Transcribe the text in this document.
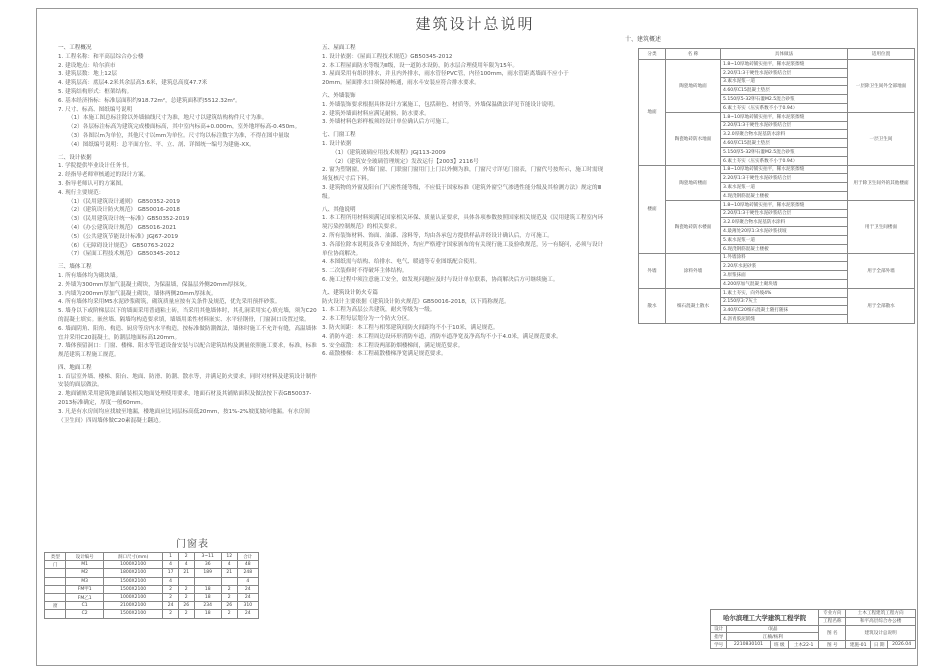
建筑设计总说明
一、工程概况
1. 工程名称：和平高层综合办公楼
2. 建设地点：哈尔滨市
3. 建筑层数：地上12层
4. 建筑层高：底层4.2米其余层高3.6米，建筑总高度47.7米
5. 建筑结构形式：框架结构。
6. 基本经济指标：标准层面积约918.72m²，总建筑面积约5512.32m²。
7. 尺寸、标高、图纸编号说明
（1）本施工图总标注除以外墙轴线尺寸为准，地尺寸以建筑结构构件尺寸为准。
（2）各层标注标高为建筑完成楼面标高，其中室内标高+0.000m，室外地坪标高-0.450m。
（3）各图以m为单位，其他尺寸以mm为单位。尺寸均以标注数字为准，不得在图中量取
（4）图纸编号说明：总平面方位、平、立、剖、详图统一编号为建施-XX。
二、设计依据
1. 学院提供毕业设计任务书。
2. 经指导老师审核通过的设计方案。
3. 指导老师认可的方案图。
4. 现行主要规范：
（1）《民用建筑设计通则》 GB50352-2019
（2）《建筑设计防火规范》 GB50016-2018
（3）《民用建筑设计统一标准》GB50352-2019
（4）《办公建筑设计规范》 GB5016-2021
（5）《公共建筑节能设计标准》JGJ67-2019
（6）《无障碍设计规范》 GB50763-2022
（7）《屋面工程技术规范》 GB50345-2012
三、墙体工程
1. 所有墙体均为砌块墙。
2. 外墙为300mm厚加气混凝土砌块，为保温墙，保温层外侧20mm厚抹灰。
3. 内墙为200mm厚加气混凝土砌块，墙体两侧20mm厚抹灰。
4. 所有墙体均采用M5水泥砂浆砌筑，砌筑质量应按有关条件及规范，优先采用预拌砂浆。
5. 墙身以下或阶梯层以下的墙面采用普通粘土砖，当采用其他墙体时，其孔洞采用实心填充墙，须为C20的混凝土填实。嵌丝墙、隔墙均构造要求填，墙墙用柔性材料嵌实、水平轻钢骨，门窗洞口设置过梁。
6. 墙面阴角、阳角、构造、厨房等房内水平构造，按标准做防潮做法，墙体时施工不允许有缝，高温墙体宜并采用C20混凝土，防潮层地面标高120mm。
7. 墙体预留洞口：门窗、楼梯、阳水等管道设备安装与以配合建筑结构及测量依照施工要求，标准，标准规范建筑工程施工规范。
四、地面工程
1. 首层室外墙、楼梯、阳台、地面、防滑、防潮、散水等，并满足防火要求，同时对材料及建筑设计制作安装的面层做法。
2. 地面铺贴采用建筑地面铺装相关地面处理使用要求，地面石材及其铺贴面积及做法按下表GB50037-2013标准确定，厚度一般60mm。
3. 凡是有水房间均应找坡至地漏，楼地面应比同层标高低20mm，按1%-2%坡度坡向地漏。有水房间（卫生间）四周墙体做C20素混凝土翻边。
五、屋面工程
1. 设计依据：《屋面工程技术规范》GB50345-2012
2. 本工程屋面防水等级为Ⅱ级，设一道防水设防，防水层合理使用年限为15年。
3. 屋面采用有组织排水，并且内外排水，雨水管径PVC管，内径100mm，雨水管距离墙面不应小于
20mm。屋面排水口须保持畅通，雨水斗安装应符合排水要求。
六、外墙装饰
1. 外墙装饰要求根据具体设计方案施工，包括颜色、材质等，外墙保温做法详见节能设计说明。
2. 建筑外墙面材料应满足耐候、防水要求。
3. 外墙材料色彩样板须经设计单位确认后方可施工。
七、门窗工程
1. 设计依据
（1）《建筑玻璃应用技术规程》JGJ113-2009
（2）《建筑安全玻璃管理规定》发改运行【2003】2116号
2. 窗为塑钢窗，外墙门窗、门联窗门窗用门上门以外侧为准，门窗尺寸详见门窗表，门窗代号按所示，施工时需现场复核尺寸后下料。
3. 建筑物的外窗及阳台门气密性能等级，不应低于国家标准《建筑外窗空气渗透性能分级及其检测方法》规定的Ⅲ级。
八、其他说明
1. 本工程所用材料须满足国家相关环保、质量认证要求，具体各项参数按照国家相关规范及《民用建筑工程室内环境污染控制规范》的相关要求。
2. 所有装饰材料、饰面、油漆、涂料等，均由各承包方提供样品并经设计确认后，方可施工。
3. 各部位除本说明及各专业图纸外，均应严格遵守国家颁布的有关现行施工及验收规范，另一有疑问，必须与设计单位协商解决。
4. 本图纸需与结构、给排水、电气、暖通等专业图纸配合使用。
5. 二次装修时不得破坏主体结构。
6. 施工过程中须注意施工安全，如发现问题应及时与设计单位联系，协商解决后方可继续施工。
九、建筑设计防火专篇
防火设计主要依据《建筑设计防火规范》GB50016-2018，以下简称规范。
1. 本工程为高层公共建筑，耐火等级为一级。
2. 本工程每层划分为一个防火分区。
3. 防火间距：本工程与相邻建筑间防火间距均不小于10米，满足规范。
4. 消防车道：本工程周边设环形消防车道，消防车道净宽及净高均不小于4.0米，满足规范要求。
5. 安全疏散：本工程设两部防烟楼梯间，满足规范要求。
6. 疏散楼梯：本工程疏散楼梯净宽满足规范要求。
门窗表
类型	设计编号	洞口尺寸(mm)	1	2	3~11	12	合计
门	M1	1000X2100	4	4	36	4	48
	M2	1800X2100	17	21	189	21	248
	M3	1500X2100	4				4
	FM甲1	1500X2100	2	2	18	2	24
	FM乙1	1000X2100	2	2	18	2	24
窗	C1	2100X2100	24	26	234	26	310
	C2	1500X2100	2	2	18	2	24
十、建筑概述
分类	名 称	具体做法	适用位置
地面	陶瓷地砖地面	1.8~10厚地砖铺实拍平，稀水泥浆擦缝	一层除卫生间外全部地面
		2.20厚1:3干硬性水泥砂浆结合层	
		3.素水泥浆一道	
		4.60厚C15混凝土垫层	
		5.150厚5-32卵石灌M2.5混合砂浆	
		6.素土夯实（压实系数不小于0.94）	
	陶瓷地砖防水地面	1.8~10厚地砖铺实拍平，稀水泥浆擦缝	一层卫生间
		2.20厚1:3干硬性水泥砂浆结合层	
		3.2.0厚聚合物水泥基防水涂料	
		4.60厚C15混凝土垫层	
		5.150厚5-32卵石灌M2.5混合砂浆	
		6.素土夯实（压实系数不小于0.94）	
楼面	陶瓷地砖楼面	1.8~10厚地砖铺实拍平，稀水泥浆擦缝	用于除卫生间外的其他楼面
		2.20厚1:3干硬性水泥砂浆结合层	
		3.素水泥浆一道	
		4.现浇钢筋混凝土楼板	
	陶瓷地砖防水楼面	1.8~10厚地砖铺实拍平，稀水泥浆擦缝	用于卫生间楼面
		2.20厚1:3干硬性水泥砂浆结合层	
		3.2.0厚聚合物水泥基防水涂料	
		4.最薄处20厚1:3水泥砂浆找坡	
		5.素水泥浆一道	
		6.现浇钢筋混凝土楼板	
外墙	涂料外墙	1.外墙涂料	用于全部外墙
		2.20厚水泥砂浆	
		3.原浆抹面	
		4.200厚加气混凝土砌块墙	
散水	细石混凝土散水	1.素土夯实，向外坡4%	用于全部散水
		2.150厚3:7灰土	
		3.40厚C20细石混凝土随打随抹	
		4.沥青胶泥嵌缝	
哈尔滨理工大学建筑工程学院				专业方向	土木工程建筑工程方向		
				工程名称	和平高层综合办公楼		
设计	氓晶			图 名	建筑设计总说明		
指导	江楠/杨利						
学号	2210830101	班 级	土木22-1	图 号	建施-01	日 期	2026.04
